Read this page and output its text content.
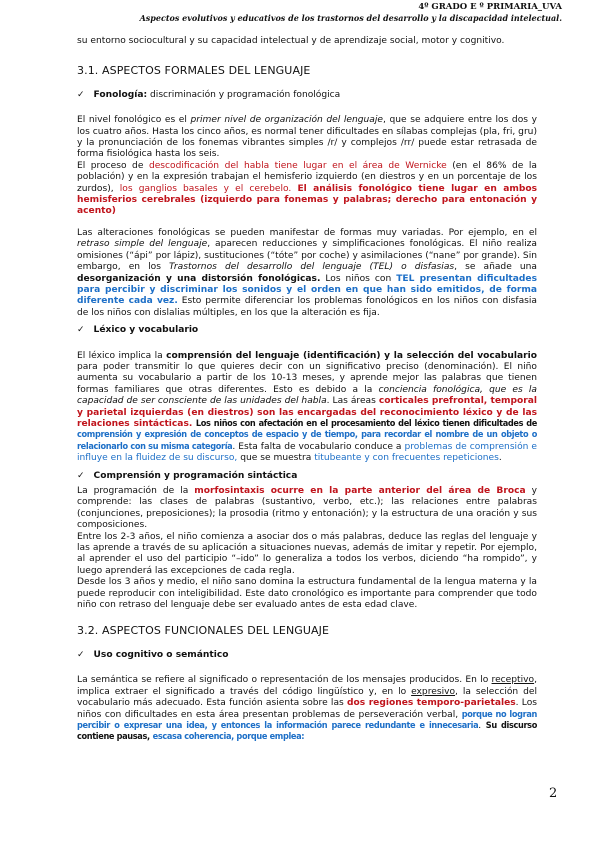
4º GRADO E º PRIMARIA_UVA
Aspectos evolutivos y educativos de los trastornos del desarrollo y la discapacidad intelectual.

su entorno sociocultural y su capacidad intelectual y de aprendizaje social, motor y cognitivo.

3.1. ASPECTOS FORMALES DEL LENGUAJE
✓ Fonología: discriminación y programación fonológica

El nivel fonológico es el primer nivel de organización del lenguaje, que se adquiere entre los dos y los cuatro años. Hasta los cinco años, es normal tener dificultades en sílabas complejas (pla, fri, gru) y la pronunciación de los fonemas vibrantes simples /r/ y complejos /rr/ puede estar retrasada de forma fisiológica hasta los seis.

El proceso de descodificación del habla tiene lugar en el área de Wernicke (en el 86% de la población) y en la expresión trabajan el hemisferio izquierdo (en diestros y en un porcentaje de los zurdos), los ganglios basales y el cerebelo. El análisis fonológico tiene lugar en ambos hemisferios cerebrales (izquierdo para fonemas y palabras; derecho para entonación y acento)

Las alteraciones fonológicas se pueden manifestar de formas muy variadas. Por ejemplo, en el retraso simple del lenguaje, aparecen reducciones y simplificaciones fonológicas. El niño realiza omisiones (“ápi” por lápiz), sustituciones (“tóte” por coche) y asimilaciones (“nane” por grande). Sin embargo, en los Trastornos del desarrollo del lenguaje (TEL) o disfasias, se añade una desorganización y una distorsión fonológicas. Los niños con TEL presentan dificultades para percibir y discriminar los sonidos y el orden en que han sido emitidos, de forma diferente cada vez. Esto permite diferenciar los problemas fonológicos en los niños con disfasia de los niños con dislalias múltiples, en los que la alteración es fija.

✓ Léxico y vocabulario

El léxico implica la comprensión del lenguaje (identificación) y la selección del vocabulario para poder transmitir lo que quieres decir con un significativo preciso (denominación). El niño aumenta su vocabulario a partir de los 10-13 meses, y aprende mejor las palabras que tienen formas familiares que otras diferentes. Esto es debido a la conciencia fonológica, que es la capacidad de ser consciente de las unidades del habla. Las áreas corticales prefrontal, temporal y parietal izquierdas (en diestros) son las encargadas del reconocimiento léxico y de las relaciones sintácticas. Los niños con afectación en el procesamiento del léxico tienen dificultades de comprensión y expresión de conceptos de espacio y de tiempo, para recordar el nombre de un objeto o relacionarlo con su misma categoría. Esta falta de vocabulario conduce a problemas de comprensión e influye en la fluidez de su discurso, que se muestra titubeante y con frecuentes repeticiones.

✓ Comprensión y programación sintáctica

La programación de la morfosintaxis ocurre en la parte anterior del área de Broca y comprende: las clases de palabras (sustantivo, verbo, etc.); las relaciones entre palabras (conjunciones, preposiciones); la prosodia (ritmo y entonación); y la estructura de una oración y sus composiciones.

Entre los 2-3 años, el niño comienza a asociar dos o más palabras, deduce las reglas del lenguaje y las aprende a través de su aplicación a situaciones nuevas, además de imitar y repetir. Por ejemplo, al aprender el uso del participio “–ido” lo generaliza a todos los verbos, diciendo “ha rompido”, y luego aprenderá las excepciones de cada regla.

Desde los 3 años y medio, el niño sano domina la estructura fundamental de la lengua materna y la puede reproducir con inteligibilidad. Este dato cronológico es importante para comprender que todo niño con retraso del lenguaje debe ser evaluado antes de esta edad clave.

3.2. ASPECTOS FUNCIONALES DEL LENGUAJE
✓ Uso cognitivo o semántico

La semántica se refiere al significado o representación de los mensajes producidos. En lo receptivo, implica extraer el significado a través del código lingüístico y, en lo expresivo, la selección del vocabulario más adecuado. Esta función asienta sobre las dos regiones temporo-parietales. Los niños con dificultades en esta área presentan problemas de perseveración verbal, porque no logran percibir o expresar una idea, y entonces la información parece redundante e innecesaria. Su discurso contiene pausas, escasa coherencia, porque emplea:

2
